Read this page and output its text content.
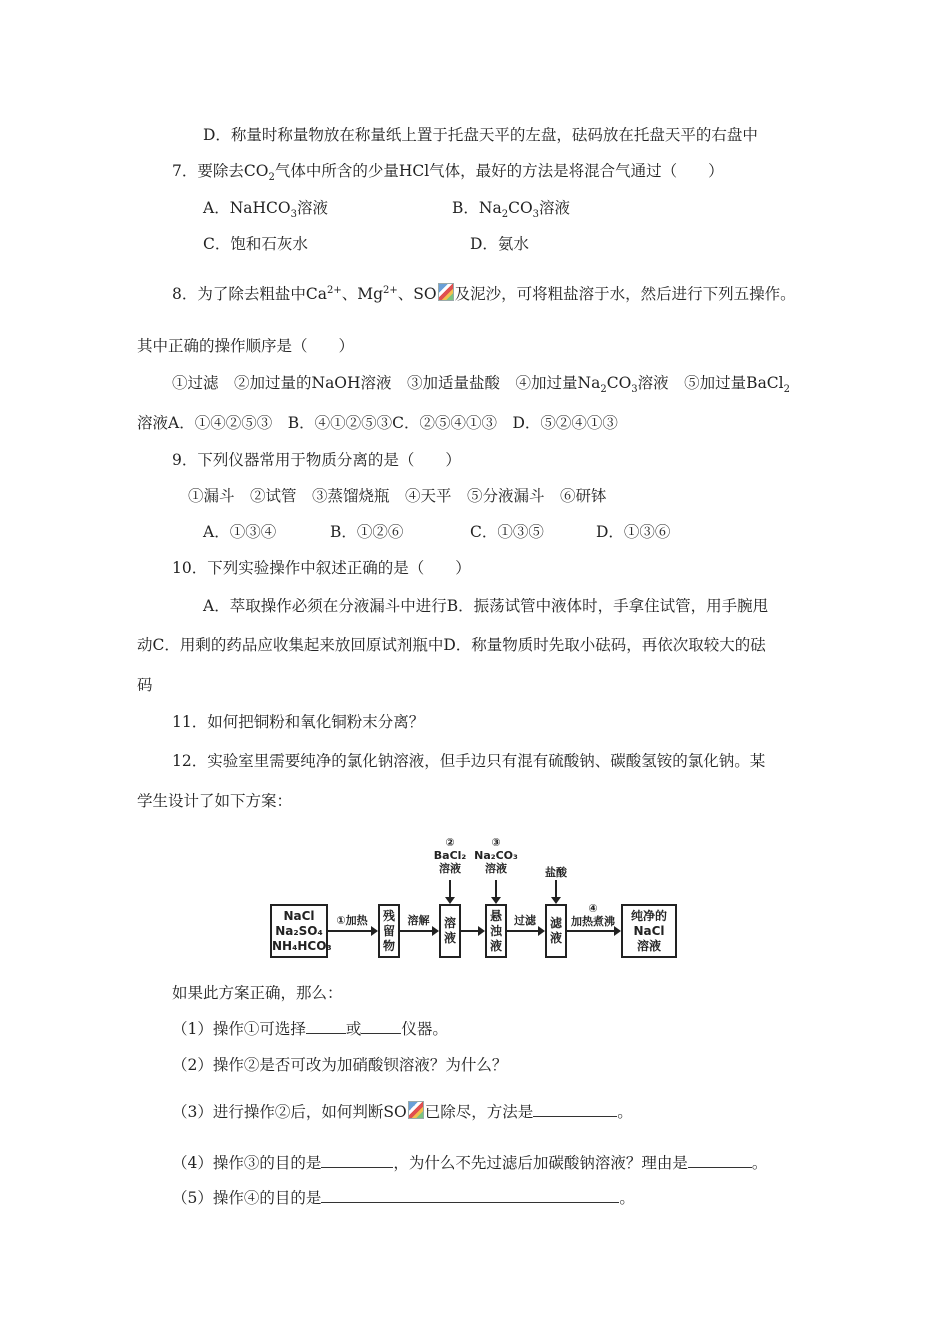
D．称量时称量物放在称量纸上置于托盘天平的左盘，砝码放在托盘天平的右盘中
7．要除去$CO_2$气体中所含的少量HCl气体，最好的方法是将混合气通过（　　）
A．NaHCO$_3$溶液	B．$Na_2CO_3$溶液
C．饱和石灰水	D．氨水
8．为了除去粗盐中$Ca^{2+}$、$Mg^{2+}$、SO 及泥沙，可将粗盐溶于水，然后进行下列五操作。
其中正确的操作顺序是（　　）
①过滤　②加过量的NaOH溶液　③加适量盐酸　④加过量$Na_2CO_3$溶液　⑤加过量BaCl$_2$
溶液A．①④②⑤③　B．④①②⑤③C．②⑤④①③　D．⑤②④①③
9．下列仪器常用于物质分离的是（　　）
①漏斗　②试管　③蒸馏烧瓶　④天平　⑤分液漏斗　⑥研钵
A．①③④	B．①②⑥	C．①③⑤	D．①③⑥
10．下列实验操作中叙述正确的是（　　）
A．萃取操作必须在分液漏斗中进行B．振荡试管中液体时，手拿住试管，用手腕甩
动C．用剩的药品应收集起来放回原试剂瓶中D．称量物质时先取小砝码，再依次取较大的砝
码
11．如何把铜粉和氧化铜粉末分离？
12．实验室里需要纯净的氯化钠溶液，但手边只有混有硫酸钠、碳酸氢铵的氯化钠。某
学生设计了如下方案：
NaCl
Na₂SO₄
NH₄HCO₃
①加热	残
留
物
溶解	溶
液
②
BaCl₂
溶液
悬
浊
液
③
Na₂CO₃
溶液
过滤	滤
液
盐酸
④
加热煮沸	纯净的
NaCl
溶液
如果此方案正确，那么：
（1）操作①可选择	或	仪器。
（2）操作②是否可改为加硝酸钡溶液？为什么？
（3）进行操作②后，如何判断SO 已除尽，方法是	。
（4）操作③的目的是	，为什么不先过滤后加碳酸钠溶液？理由是	。
（5）操作④的目的是	。
